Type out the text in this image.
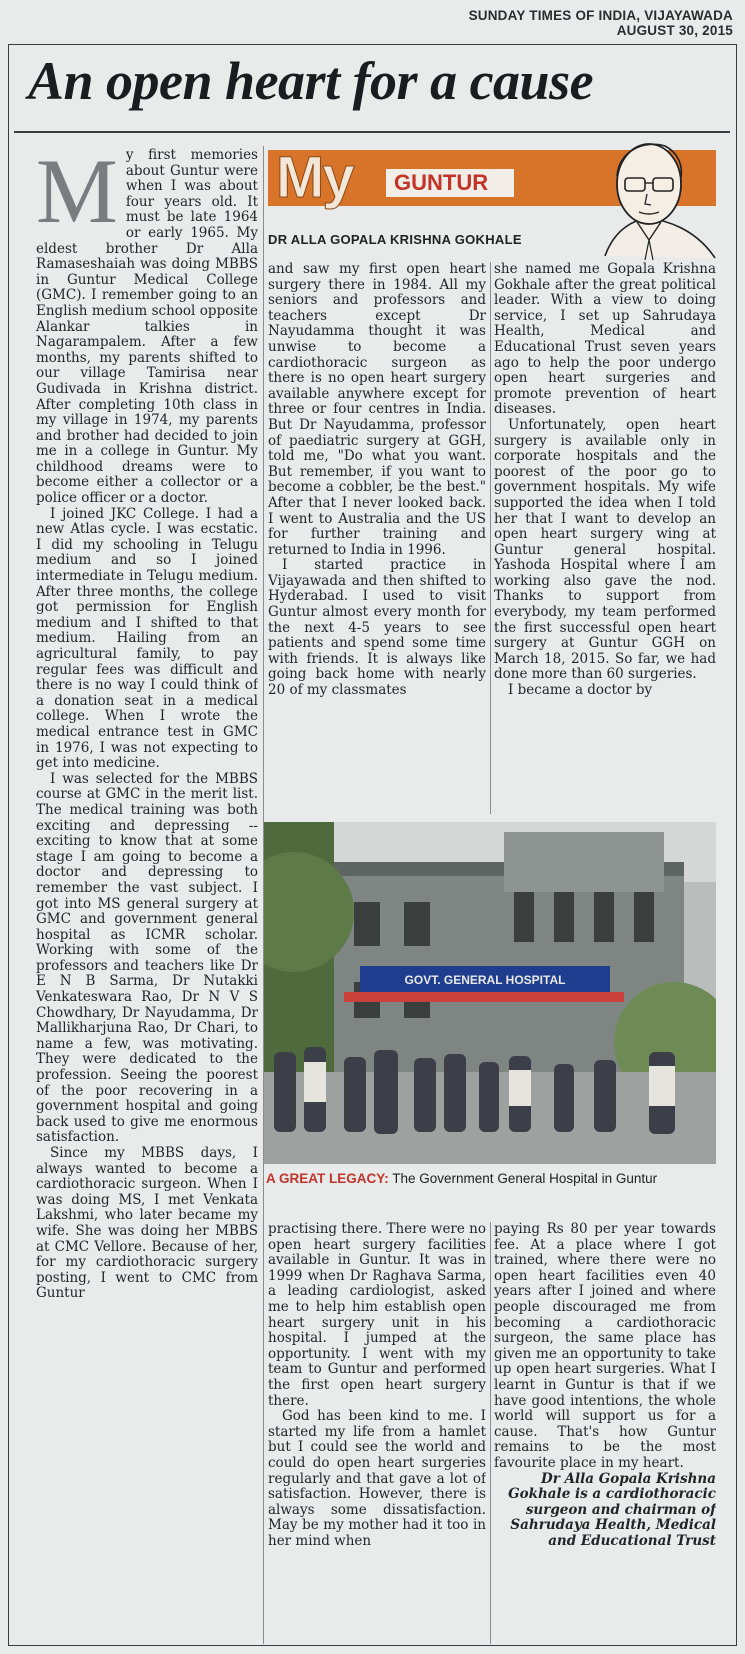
SUNDAY TIMES OF INDIA, VIJAYAWADA
AUGUST 30, 2015
An open heart for a cause
M y first memories about Guntur were when I was about four years old. It must be late 1964 or early 1965. My eldest brother Dr Alla Ramaseshaiah was doing MBBS in Guntur Medical College (GMC). I remember going to an English medium school opposite Alankar talkies in Nagarampalem. After a few months, my parents shifted to our village Tamirisa near Gudivada in Krishna district. After completing 10th class in my village in 1974, my parents and brother had decided to join me in a college in Guntur. My childhood dreams were to become either a collector or a police officer or a doctor.

I joined JKC College. I had a new Atlas cycle. I was ecstatic. I did my schooling in Telugu medium and so I joined intermediate in Telugu medium. After three months, the college got permission for English medium and I shifted to that medium. Hailing from an agricultural family, to pay regular fees was difficult and there is no way I could think of a donation seat in a medical college. When I wrote the medical entrance test in GMC in 1976, I was not expecting to get into medicine.

I was selected for the MBBS course at GMC in the merit list. The medical training was both exciting and depressing -- exciting to know that at some stage I am going to become a doctor and depressing to remember the vast subject. I got into MS general surgery at GMC and government general hospital as ICMR scholar. Working with some of the professors and teachers like Dr E N B Sarma, Dr Nutakki Venkateswara Rao, Dr N V S Chowdhary, Dr Nayudamma, Dr Mallikharjuna Rao, Dr Chari, to name a few, was motivating. They were dedicated to the profession. Seeing the poorest of the poor recovering in a government hospital and going back used to give me enormous satisfaction.

Since my MBBS days, I always wanted to become a cardiothoracic surgeon. When I was doing MS, I met Venkata Lakshmi, who later became my wife. She was doing her MBBS at CMC Vellore. Because of her, for my cardiothoracic surgery posting, I went to CMC from Guntur

My	GUNTUR
DR ALLA GOPALA KRISHNA GOKHALE

and saw my first open heart surgery there in 1984. All my seniors and professors and teachers except Dr Nayudamma thought it was unwise to become a cardiothoracic surgeon as there is no open heart surgery available anywhere except for three or four centres in India. But Dr Nayudamma, professor of paediatric surgery at GGH, told me, "Do what you want. But remember, if you want to become a cobbler, be the best." After that I never looked back. I went to Australia and the US for further training and returned to India in 1996.

I started practice in Vijayawada and then shifted to Hyderabad. I used to visit Guntur almost every month for the next 4-5 years to see patients and spend some time with friends. It is always like going back home with nearly 20 of my classmates

she named me Gopala Krishna Gokhale after the great political leader. With a view to doing service, I set up Sahrudaya Health, Medical and Educational Trust seven years ago to help the poor undergo open heart surgeries and promote prevention of heart diseases.

Unfortunately, open heart surgery is available only in corporate hospitals and the poorest of the poor go to government hospitals. My wife supported the idea when I told her that I want to develop an open heart surgery wing at Guntur general hospital. Yashoda Hospital where I am working also gave the nod. Thanks to support from everybody, my team performed the first successful open heart surgery at Guntur GGH on March 18, 2015. So far, we had done more than 60 surgeries.

I became a doctor by

GOVT. GENERAL HOSPITAL
A GREAT LEGACY: The Government General Hospital in Guntur

practising there. There were no open heart surgery facilities available in Guntur. It was in 1999 when Dr Raghava Sarma, a leading cardiologist, asked me to help him establish open heart surgery unit in his hospital. I jumped at the opportunity. I went with my team to Guntur and performed the first open heart surgery there.

God has been kind to me. I started my life from a hamlet but I could see the world and could do open heart surgeries regularly and that gave a lot of satisfaction. However, there is always some dissatisfaction. May be my mother had it too in her mind when

paying Rs 80 per year towards fee. At a place where I got trained, where there were no open heart facilities even 40 years after I joined and where people discouraged me from becoming a cardiothoracic surgeon, the same place has given me an opportunity to take up open heart surgeries. What I learnt in Guntur is that if we have good intentions, the whole world will support us for a cause. That's how Guntur remains to be the most favourite place in my heart.

Dr Alla Gopala Krishna Gokhale is a cardiothoracic surgeon and chairman of Sahrudaya Health, Medical and Educational Trust
